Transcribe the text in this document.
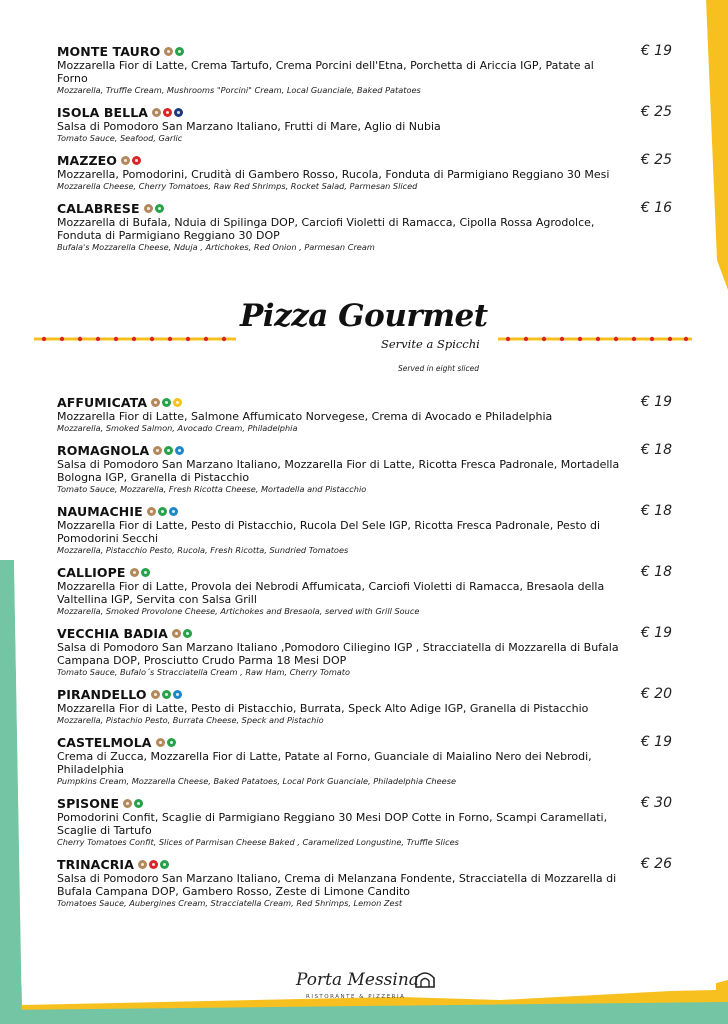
MONTE TAURO	€ 19
Mozzarella Fior di Latte, Crema Tartufo, Crema Porcini dell'Etna, Porchetta di Ariccia IGP, Patate al Forno
Mozzarella, Truffle Cream, Mushrooms "Porcini" Cream, Local Guanciale, Baked Patatoes
ISOLA BELLA	€ 25
Salsa di Pomodoro San Marzano Italiano, Frutti di Mare, Aglio di Nubia
Tomato Sauce, Seafood, Garlic
MAZZEO	€ 25
Mozzarella, Pomodorini, Crudità di Gambero Rosso, Rucola, Fonduta di Parmigiano Reggiano 30 Mesi
Mozzarella Cheese, Cherry Tomatoes, Raw Red Shrimps, Rocket Salad, Parmesan Sliced
CALABRESE	€ 16
Mozzarella di Bufala, Nduia di Spilinga DOP, Carciofi Violetti di Ramacca, Cipolla Rossa Agrodolce, Fonduta di Parmigiano Reggiano 30 DOP
Bufala's Mozzarella Cheese, Nduja , Artichokes, Red Onion , Parmesan Cream
Pizza Gourmet
Servite a Spicchi
Served in eight sliced
AFFUMICATA	€ 19
Mozzarella Fior di Latte, Salmone Affumicato Norvegese, Crema di Avocado e Philadelphia
Mozzarella, Smoked Salmon, Avocado Cream, Philadelphia
ROMAGNOLA	€ 18
Salsa di Pomodoro San Marzano Italiano, Mozzarella Fior di Latte, Ricotta Fresca Padronale, Mortadella Bologna IGP, Granella di Pistacchio
Tomato Sauce, Mozzarella, Fresh Ricotta Cheese, Mortadella and Pistacchio
NAUMACHIE	€ 18
Mozzarella Fior di Latte, Pesto di Pistacchio, Rucola Del Sele IGP, Ricotta Fresca Padronale, Pesto di Pomodorini Secchi
Mozzarella, Pistacchio Pesto, Rucola, Fresh Ricotta, Sundried Tomatoes
CALLIOPE	€ 18
Mozzarella Fior di Latte, Provola dei Nebrodi Affumicata, Carciofi Violetti di Ramacca, Bresaola della Valtellina IGP, Servita con Salsa Grill
Mozzarella, Smoked Provolone Cheese, Artichokes and Bresaola, served with Grill Souce
VECCHIA BADIA	€ 19
Salsa di Pomodoro San Marzano Italiano ,Pomodoro Ciliegino IGP , Stracciatella di Mozzarella di Bufala Campana DOP, Prosciutto Crudo Parma 18 Mesi DOP
Tomato Sauce, Bufalo´s Stracciatella Cream , Raw Ham, Cherry Tomato
PIRANDELLO	€ 20
Mozzarella Fior di Latte, Pesto di Pistacchio, Burrata, Speck Alto Adige IGP, Granella di Pistacchio
Mozzarella, Pistachio Pesto, Burrata Cheese, Speck and Pistachio
CASTELMOLA	€ 19
Crema di Zucca, Mozzarella Fior di Latte, Patate al Forno, Guanciale di Maialino Nero dei Nebrodi, Philadelphia
Pumpkins Cream, Mozzarella Cheese, Baked Patatoes, Local Pork Guanciale, Philadelphia Cheese
SPISONE	€ 30
Pomodorini Confit, Scaglie di Parmigiano Reggiano 30 Mesi DOP Cotte in Forno, Scampi Caramellati, Scaglie di Tartufo
Cherry Tomatoes Confit, Slices of Parmisan Cheese Baked , Caramelized Longustine, Truffle Slices
TRINACRIA	€ 26
Salsa di Pomodoro San Marzano Italiano, Crema di Melanzana Fondente, Stracciatella di Mozzarella di Bufala Campana DOP, Gambero Rosso, Zeste di Limone Candito
Tomatoes Sauce, Aubergines Cream, Stracciatella Cream, Red Shrimps, Lemon Zest
Porta Messina
RISTORANTE & PIZZERIA
